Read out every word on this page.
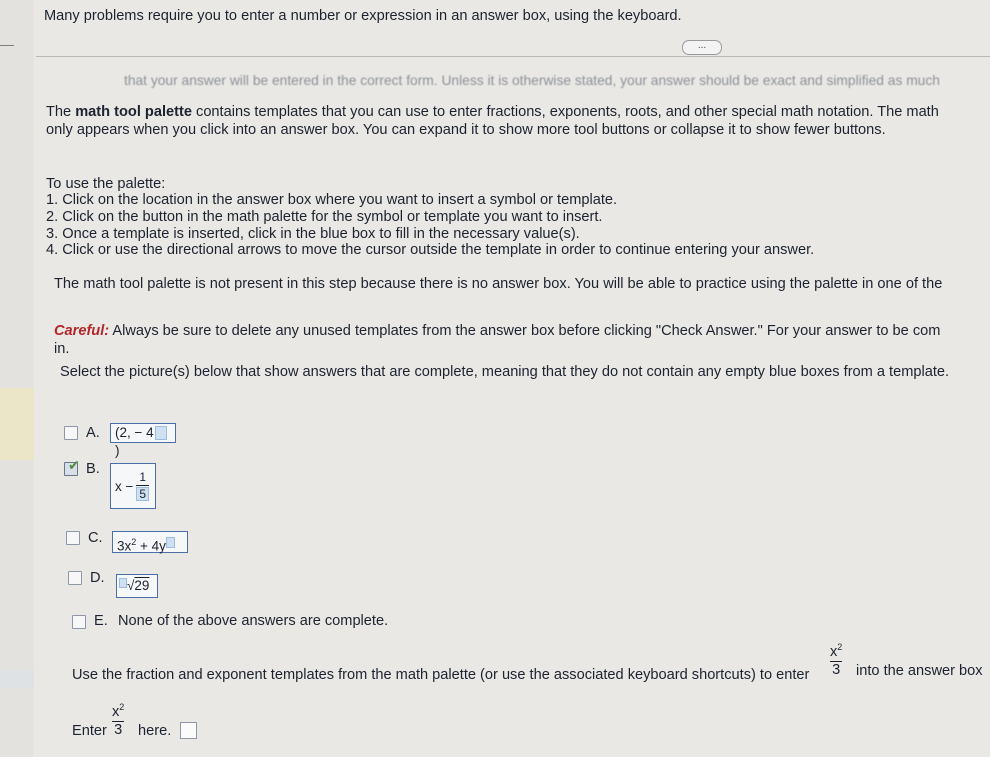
—
Many problems require you to enter a number or expression in an answer box, using the keyboard.
...
that your answer will be entered in the correct form. Unless it is otherwise stated, your answer should be exact and simplified as much
The math tool palette contains templates that you can use to enter fractions, exponents, roots, and other special math notation. The math
only appears when you click into an answer box. You can expand it to show more tool buttons or collapse it to show fewer buttons.
To use the palette:
1. Click on the location in the answer box where you want to insert a symbol or template.
2. Click on the button in the math palette for the symbol or template you want to insert.
3. Once a template is inserted, click in the blue box to fill in the necessary value(s).
4. Click or use the directional arrows to move the cursor outside the template in order to continue entering your answer.
The math tool palette is not present in this step because there is no answer box. You will be able to practice using the palette in one of the
Careful: Always be sure to delete any unused templates from the answer box before clicking "Check Answer." For your answer to be com
in.
Select the picture(s) below that show answers that are complete, meaning that they do not contain any empty blue boxes from a template.
A.	(2, − 4)
✔ B.
$x - \frac{1}{5}$
C.	$3x^2 + 4y$
D.	√29
E. None of the above answers are complete.
Use the fraction and exponent templates from the math palette (or use the associated keyboard shortcuts) to enter $\frac{x^2}{3}$ into the answer box
Enter $\frac{x^2}{3}$ here.
